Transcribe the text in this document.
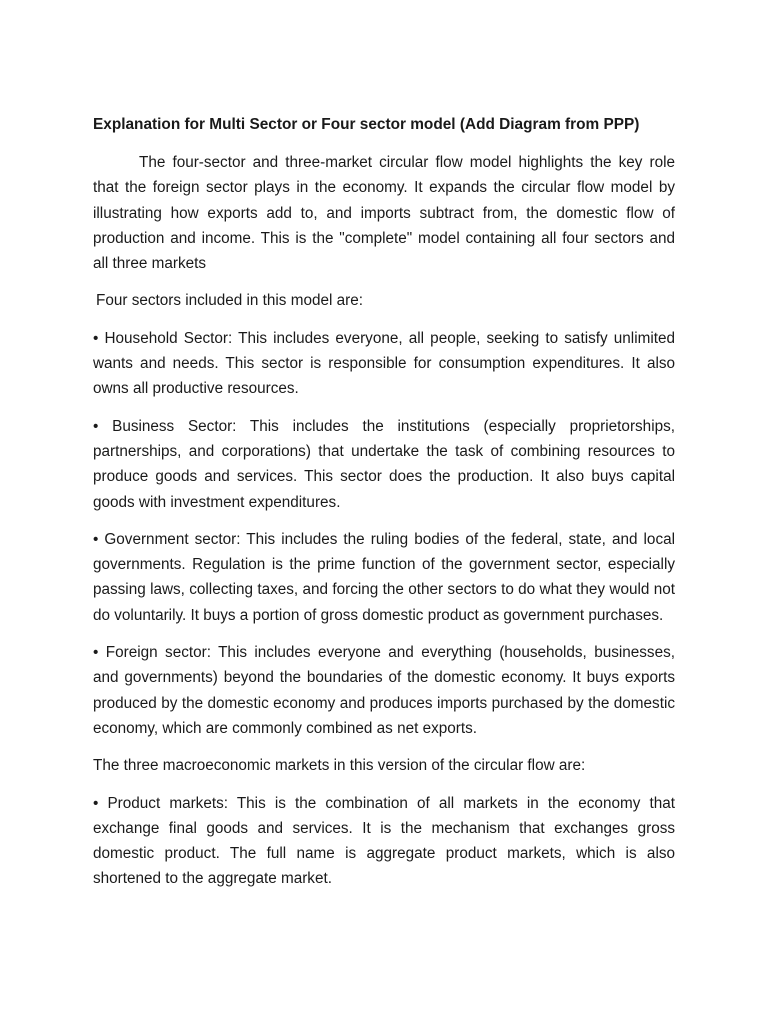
Explanation for Multi Sector or Four sector model (Add Diagram from PPP)

The four-sector and three-market circular flow model highlights the key role that the foreign sector plays in the economy. It expands the circular flow model by illustrating how exports add to, and imports subtract from, the domestic flow of production and income. This is the "complete" model containing all four sectors and all three markets

Four sectors included in this model are:

• Household Sector: This includes everyone, all people, seeking to satisfy unlimited wants and needs. This sector is responsible for consumption expenditures. It also owns all productive resources.

• Business Sector: This includes the institutions (especially proprietorships, partnerships, and corporations) that undertake the task of combining resources to produce goods and services. This sector does the production. It also buys capital goods with investment expenditures.

• Government sector: This includes the ruling bodies of the federal, state, and local governments. Regulation is the prime function of the government sector, especially passing laws, collecting taxes, and forcing the other sectors to do what they would not do voluntarily. It buys a portion of gross domestic product as government purchases.

• Foreign sector: This includes everyone and everything (households, businesses, and governments) beyond the boundaries of the domestic economy. It buys exports produced by the domestic economy and produces imports purchased by the domestic economy, which are commonly combined as net exports.

The three macroeconomic markets in this version of the circular flow are:

• Product markets: This is the combination of all markets in the economy that exchange final goods and services. It is the mechanism that exchanges gross domestic product. The full name is aggregate product markets, which is also shortened to the aggregate market.
